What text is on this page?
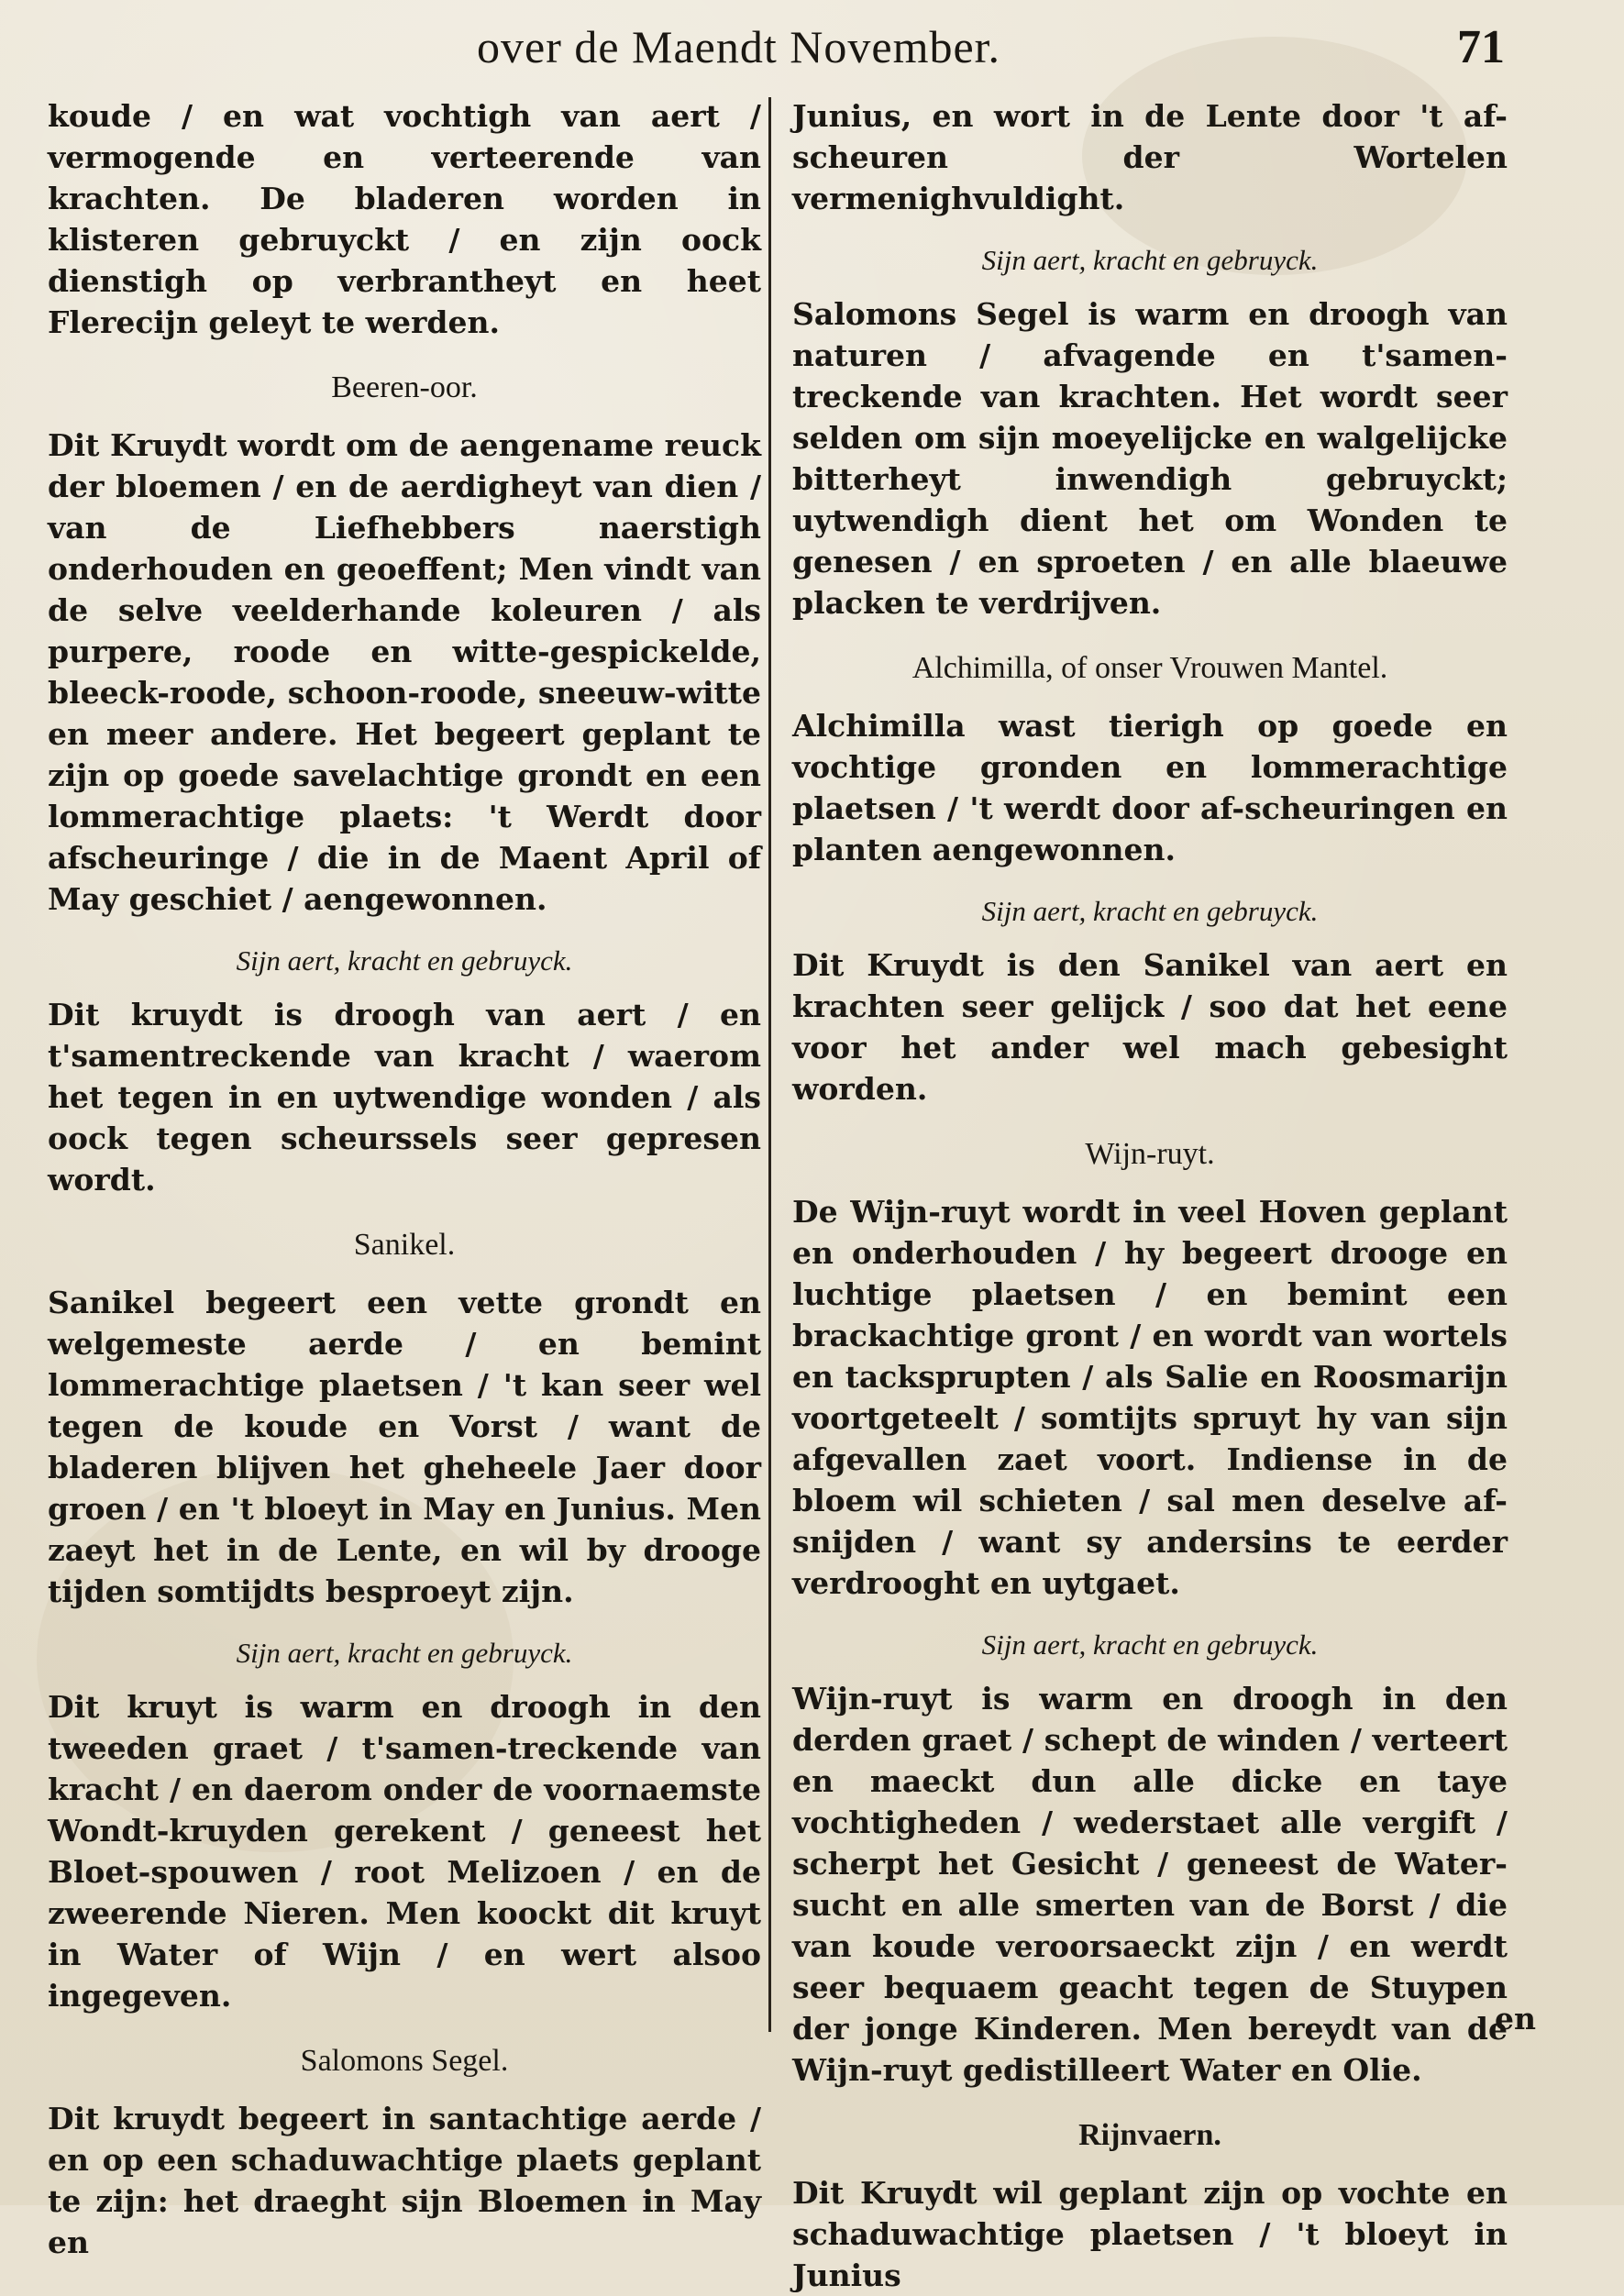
over de Maendt November.	71

koude / en wat vochtigh van aert / vermogende en verteerende van krachten. De bladeren worden in klisteren gebruyckt / en zijn oock dienstigh op verbrantheyt en heet Flerecijn geleyt te werden.

Beeren-oor.

Dit Kruydt wordt om de aengename reuck der bloemen / en de aerdigheyt van dien / van de Liefhebbers naerstigh onderhouden en geoeffent; Men vindt van de selve veelderhande koleuren / als purpere, roode en witte-gespickelde, bleeck-roode, schoon-roode, sneeuw-witte en meer andere. Het begeert geplant te zijn op goede savelachtige grondt en een lommerachtige plaets: 't Werdt door afscheuringe / die in de Maent April of May geschiet / aengewonnen.

Sijn aert, kracht en gebruyck.

Dit kruydt is droogh van aert / en t'samentreckende van kracht / waerom het tegen in en uytwendige wonden / als oock tegen scheurssels seer gepresen wordt.

Sanikel.

Sanikel begeert een vette grondt en welgemeste aerde / en bemint lommerachtige plaetsen / 't kan seer wel tegen de koude en Vorst / want de bladeren blijven het gheheele Jaer door groen / en 't bloeyt in May en Junius. Men zaeyt het in de Lente, en wil by drooge tijden somtijdts besproeyt zijn.

Sijn aert, kracht en gebruyck.

Dit kruyt is warm en droogh in den tweeden graet / t'samen-treckende van kracht / en daerom onder de voornaemste Wondt-kruyden gerekent / geneest het Bloet-spouwen / root Melizoen / en de zweerende Nieren. Men koockt dit kruyt in Water of Wijn / en wert alsoo ingegeven.

Salomons Segel.

Dit kruydt begeert in santachtige aerde / en op een schaduwachtige plaets geplant te zijn: het draeght sijn Bloemen in May en

Junius, en wort in de Lente door 't af-scheuren der Wortelen vermenighvuldight.

Sijn aert, kracht en gebruyck.

Salomons Segel is warm en droogh van naturen / afvagende en t'samen-treckende van krachten. Het wordt seer selden om sijn moeyelijcke en walgelijcke bitterheyt inwendigh gebruyckt; uytwendigh dient het om Wonden te genesen / en sproeten / en alle blaeuwe placken te verdrijven.

Alchimilla, of onser Vrouwen Mantel.

Alchimilla wast tierigh op goede en vochtige gronden en lommerachtige plaetsen / 't werdt door af-scheuringen en planten aengewonnen.

Sijn aert, kracht en gebruyck.

Dit Kruydt is den Sanikel van aert en krachten seer gelijck / soo dat het eene voor het ander wel mach gebesight worden.

Wijn-ruyt.

De Wijn-ruyt wordt in veel Hoven geplant en onderhouden / hy begeert drooge en luchtige plaetsen / en bemint een brackachtige gront / en wordt van wortels en tacksprupten / als Salie en Roosmarijn voortgeteelt / somtijts spruyt hy van sijn afgevallen zaet voort. Indiense in de bloem wil schieten / sal men deselve af-snijden / want sy andersins te eerder verdrooght en uytgaet.

Sijn aert, kracht en gebruyck.

Wijn-ruyt is warm en droogh in den derden graet / schept de winden / verteert en maeckt dun alle dicke en taye vochtigheden / wederstaet alle vergift / scherpt het Gesicht / geneest de Water-sucht en alle smerten van de Borst / die van koude veroorsaeckt zijn / en werdt seer bequaem geacht tegen de Stuypen der jonge Kinderen. Men bereydt van de Wijn-ruyt gedistilleert Water en Olie.

Rijnvaern.

Dit Kruydt wil geplant zijn op vochte en schaduwachtige plaetsen / 't bloeyt in Junius

en
